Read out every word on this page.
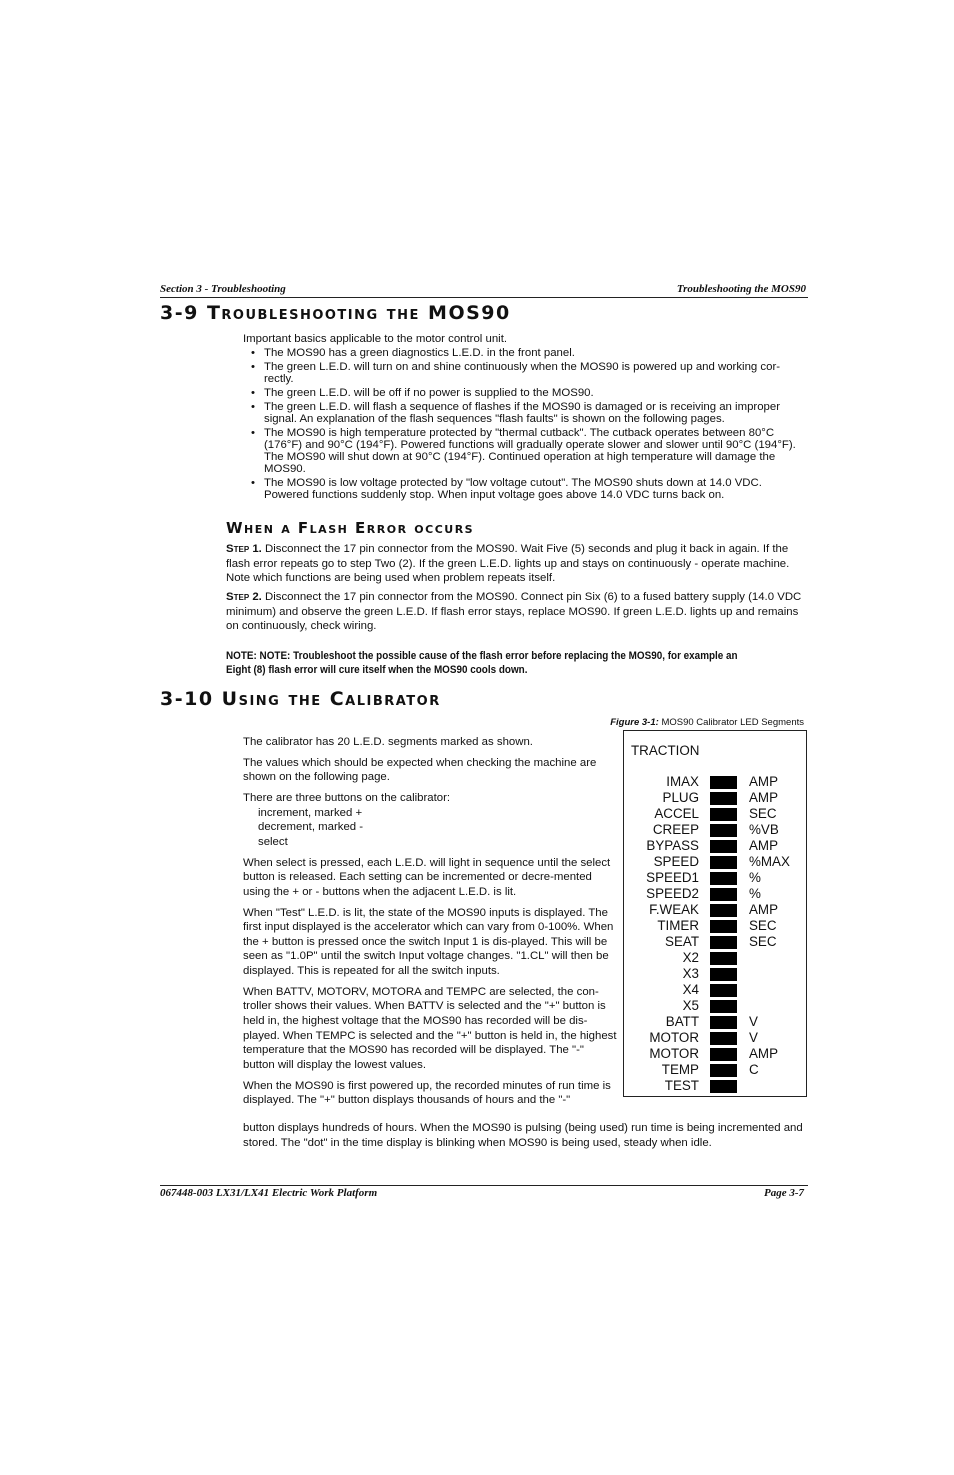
Section 3 - Troubleshooting	Troubleshooting the MOS90
3-9 Troubleshooting the MOS90
Important basics applicable to the motor control unit.
• The MOS90 has a green diagnostics L.E.D. in the front panel.
• The green L.E.D. will turn on and shine continuously when the MOS90 is powered up and working cor-rectly.
• The green L.E.D. will be off if no power is supplied to the MOS90.
• The green L.E.D. will flash a sequence of flashes if the MOS90 is damaged or is receiving an improper signal. An explanation of the flash sequences "flash faults" is shown on the following pages.
• The MOS90 is high temperature protected by "thermal cutback". The cutback operates between 80°C (176°F) and 90°C (194°F). Powered functions will gradually operate slower and slower until 90°C (194°F). The MOS90 will shut down at 90°C (194°F). Continued operation at high temperature will damage the MOS90.
• The MOS90 is low voltage protected by "low voltage cutout". The MOS90 shuts down at 14.0 VDC. Powered functions suddenly stop. When input voltage goes above 14.0 VDC turns back on.
When a Flash Error occurs
Step 1. Disconnect the 17 pin connector from the MOS90. Wait Five (5) seconds and plug it back in again. If the flash error repeats go to step Two (2). If the green L.E.D. lights up and stays on continuously - operate machine. Note which functions are being used when problem repeats itself.
Step 2. Disconnect the 17 pin connector from the MOS90. Connect pin Six (6) to a fused battery supply (14.0 VDC minimum) and observe the green L.E.D. If flash error stays, replace MOS90. If green L.E.D. lights up and remains on continuously, check wiring.
NOTE: NOTE: Troubleshoot the possible cause of the flash error before replacing the MOS90, for example an Eight (8) flash error will cure itself when the MOS90 cools down.
3-10 Using the Calibrator
Figure 3-1: MOS90 Calibrator LED Segments

The calibrator has 20 L.E.D. segments marked as shown.

The values which should be expected when checking the machine are shown on the following page.

There are three buttons on the calibrator:

increment, marked +
decrement, marked -
select

When select is pressed, each L.E.D. will light in sequence until the select button is released. Each setting can be incremented or decre-mented using the + or - buttons when the adjacent L.E.D. is lit.

When "Test" L.E.D. is lit, the state of the MOS90 inputs is displayed. The first input displayed is the accelerator which can vary from 0-100%. When the + button is pressed once the switch Input 1 is dis-played. This will be seen as "1.0P" until the switch Input voltage changes. "1.CL" will then be displayed. This is repeated for all the switch inputs.

When BATTV, MOTORV, MOTORA and TEMPC are selected, the con-troller shows their values. When BATTV is selected and the "+" button is held in, the highest voltage that the MOS90 has recorded will be dis-played. When TEMPC is selected and the "+" button is held in, the highest temperature that the MOS90 has recorded will be displayed. The "-" button will display the lowest values.

When the MOS90 is first powered up, the recorded minutes of run time is displayed. The "+" button displays thousands of hours and the "-"

button displays hundreds of hours. When the MOS90 is pulsing (being used) run time is being incremented and stored. The "dot" in the time display is blinking when MOS90 is being used, steady when idle.
TRACTION
IMAX	AMP
PLUG	AMP
ACCEL	SEC
CREEP	%VB
BYPASS	AMP
SPEED	%MAX
SPEED1	%
SPEED2	%
F.WEAK	AMP
TIMER	SEC
SEAT	SEC
X2
X3
X4
X5
BATT	V
MOTOR	V
MOTOR	AMP
TEMP	C
TEST
067448-003 LX31/LX41 Electric Work Platform	Page 3-7
